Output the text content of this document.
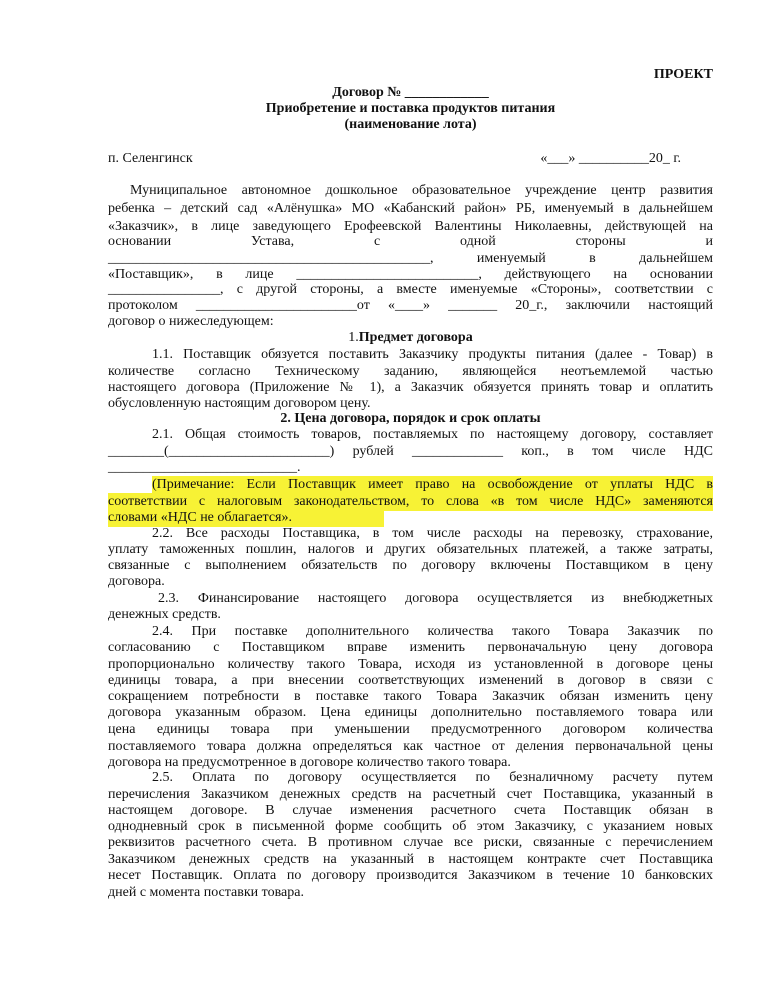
ПРОЕКТ
Договор № ____________
Приобретение и поставка продуктов питания
(наименование лота)
п. Селенгинск	«___» __________20_ г.
Муниципальное автономное дошкольное образовательное учреждение центр развития
ребенка – детский сад «Алёнушка» МО «Кабанский район» РБ, именуемый в дальнейшем
«Заказчик», в лице заведующего Ерофеевской Валентины Николаевны, действующей на
основании Устава, с одной стороны и
______________________________________________, именуемый в дальнейшем
«Поставщик», в лице __________________________, действующего на основании
________________, с другой стороны, а вместе именуемые «Стороны», соответствии с
протоколом _______________________от «____» _______ 20_г., заключили настоящий
договор о нижеследующем:
1.Предмет договора
1.1. Поставщик обязуется поставить Заказчику продукты питания (далее - Товар) в
количестве согласно Техническому заданию, являющейся неотъемлемой частью
настоящего договора (Приложение № 1), а Заказчик обязуется принять товар и оплатить
обусловленную настоящим договором цену.
2. Цена договора, порядок и срок оплаты
2.1. Общая стоимость товаров, поставляемых по настоящему договору, составляет
________(_______________________) рублей _____________ коп., в том числе НДС
___________________________.
(Примечание: Если Поставщик имеет право на освобождение от уплаты НДС в
соответствии с налоговым законодательством, то слова «в том числе НДС» заменяются
словами «НДС не облагается».
2.2. Все расходы Поставщика, в том числе расходы на перевозку, страхование,
уплату таможенных пошлин, налогов и других обязательных платежей, а также затраты,
связанные с выполнением обязательств по договору включены Поставщиком в цену
договора.
2.3. Финансирование настоящего договора осуществляется из внебюджетных
денежных средств.
2.4. При поставке дополнительного количества такого Товара Заказчик по
согласованию с Поставщиком вправе изменить первоначальную цену договора
пропорционально количеству такого Товара, исходя из установленной в договоре цены
единицы товара, а при внесении соответствующих изменений в договор в связи с
сокращением потребности в поставке такого Товара Заказчик обязан изменить цену
договора указанным образом. Цена единицы дополнительно поставляемого товара или
цена единицы товара при уменьшении предусмотренного договором количества
поставляемого товара должна определяться как частное от деления первоначальной цены
договора на предусмотренное в договоре количество такого товара.
2.5. Оплата по договору осуществляется по безналичному расчету путем
перечисления Заказчиком денежных средств на расчетный счет Поставщика, указанный в
настоящем договоре. В случае изменения расчетного счета Поставщик обязан в
однодневный срок в письменной форме сообщить об этом Заказчику, с указанием новых
реквизитов расчетного счета. В противном случае все риски, связанные с перечислением
Заказчиком денежных средств на указанный в настоящем контракте счет Поставщика
несет Поставщик. Оплата по договору производится Заказчиком в течение 10 банковских
дней с момента поставки товара.
